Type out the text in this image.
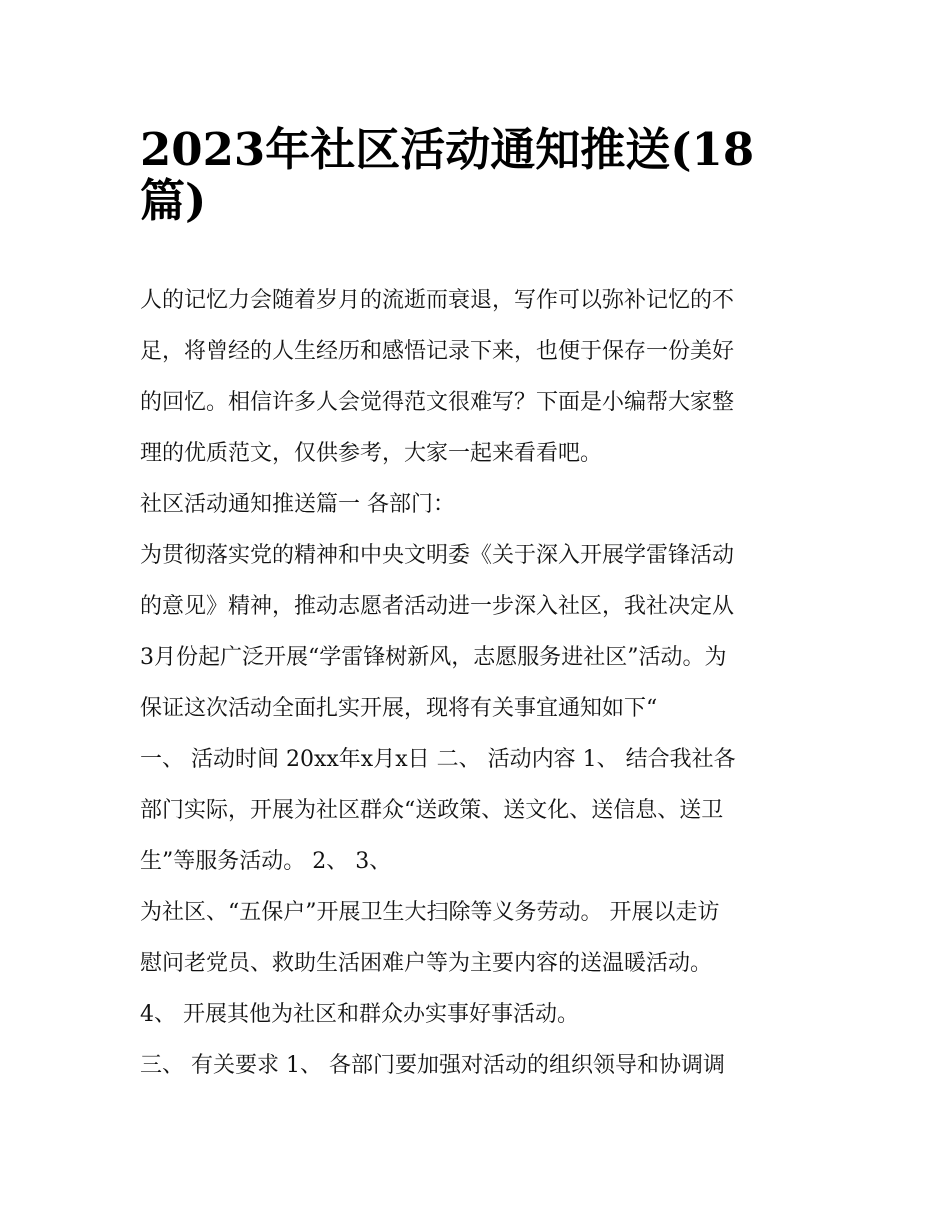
2023年社区活动通知推送(18
篇)
人的记忆力会随着岁月的流逝而衰退，写作可以弥补记忆的不
足，将曾经的人生经历和感悟记录下来，也便于保存一份美好
的回忆。相信许多人会觉得范文很难写？下面是小编帮大家整
理的优质范文，仅供参考，大家一起来看看吧。
社区活动通知推送篇一 各部门：
为贯彻落实党的精神和中央文明委《关于深入开展学雷锋活动
的意见》精神，推动志愿者活动进一步深入社区，我社决定从
3月份起广泛开展“学雷锋树新风，志愿服务进社区”活动。为
保证这次活动全面扎实开展，现将有关事宜通知如下“
一、 活动时间 20xx年x月x日 二、 活动内容 1、 结合我社各
部门实际，开展为社区群众“送政策、送文化、送信息、送卫
生”等服务活动。 2、 3、
为社区、“五保户”开展卫生大扫除等义务劳动。 开展以走访
慰问老党员、救助生活困难户等为主要内容的送温暖活动。
4、 开展其他为社区和群众办实事好事活动。
三、 有关要求 1、 各部门要加强对活动的组织领导和协调调
